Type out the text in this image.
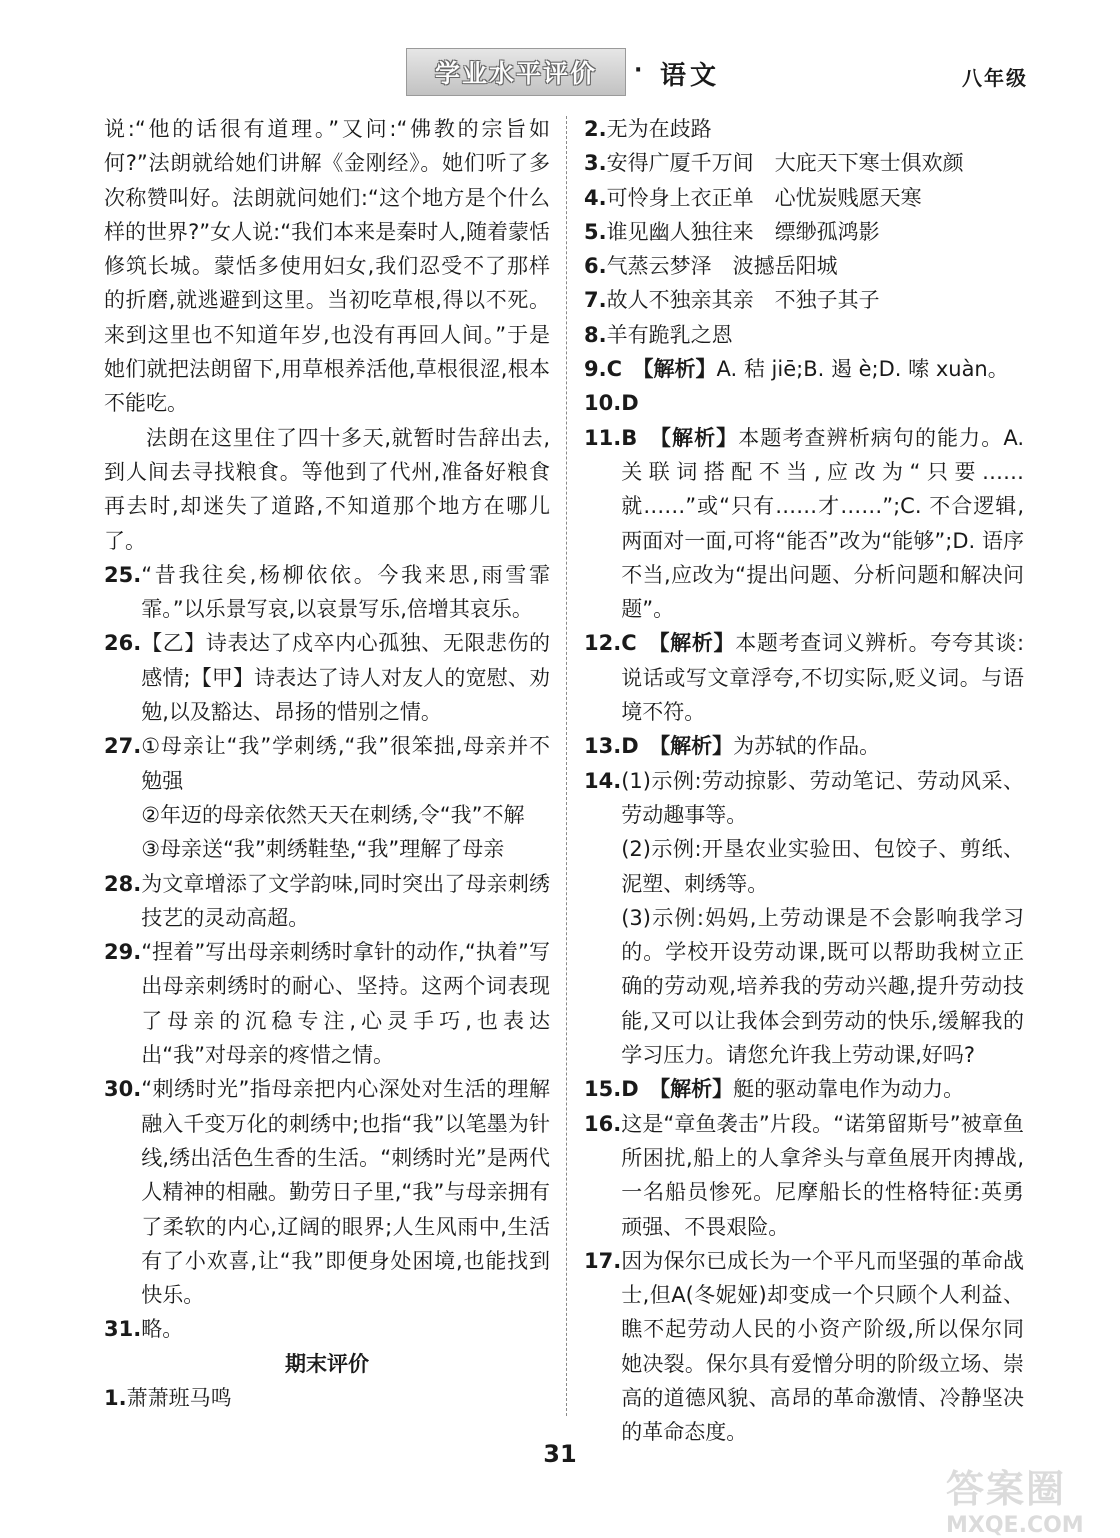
学业水平评价	· 语文	八年级

说:“他的话很有道理。”又问:“佛教的宗旨如何?”法朗就给她们讲解《金刚经》。她们听了多次称赞叫好。法朗就问她们:“这个地方是个什么样的世界?”女人说:“我们本来是秦时人,随着蒙恬修筑长城。蒙恬多使用妇女,我们忍受不了那样的折磨,就逃避到这里。当初吃草根,得以不死。来到这里也不知道年岁,也没有再回人间。”于是她们就把法朗留下,用草根养活他,草根很涩,根本不能吃。

法朗在这里住了四十多天,就暂时告辞出去,到人间去寻找粮食。等他到了代州,准备好粮食再去时,却迷失了道路,不知道那个地方在哪儿了。

25. “昔我往矣,杨柳依依。今我来思,雨雪霏霏。”以乐景写哀,以哀景写乐,倍增其哀乐。
26. 【乙】诗表达了戍卒内心孤独、无限悲伤的感情;【甲】诗表达了诗人对友人的宽慰、劝勉,以及豁达、昂扬的惜别之情。
27. ①母亲让“我”学刺绣,“我”很笨拙,母亲并不勉强

②年迈的母亲依然天天在刺绣,令“我”不解

③母亲送“我”刺绣鞋垫,“我”理解了母亲

28. 为文章增添了文学韵味,同时突出了母亲刺绣技艺的灵动高超。
29. “捏着”写出母亲刺绣时拿针的动作,“执着”写出母亲刺绣时的耐心、坚持。这两个词表现了母亲的沉稳专注,心灵手巧,也表达出“我”对母亲的疼惜之情。
30. “刺绣时光”指母亲把内心深处对生活的理解融入千变万化的刺绣中;也指“我”以笔墨为针线,绣出活色生香的生活。“刺绣时光”是两代人精神的相融。勤劳日子里,“我”与母亲拥有了柔软的内心,辽阔的眼界;人生风雨中,生活有了小欢喜,让“我”即便身处困境,也能找到快乐。
31. 略。

期末评价

1. 萧萧班马鸣
2. 无为在歧路
3. 安得广厦千万间　大庇天下寒士俱欢颜
4. 可怜身上衣正单　心忧炭贱愿天寒
5. 谁见幽人独往来　缥缈孤鸿影
6. 气蒸云梦泽　波撼岳阳城
7. 故人不独亲其亲　不独子其子
8. 羊有跪乳之恩
9. C　 【解析】A. 秸 jiē;B. 遏 è;D. 嗦 xuàn。
10. D
11. B　 【解析】本题考查辨析病句的能力。A. 关联词搭配不当,应改为“只要……就……”或“只有……才……”;C. 不合逻辑,两面对一面,可将“能否”改为“能够”;D. 语序不当,应改为“提出问题、分析问题和解决问题”。
12. C　 【解析】本题考查词义辨析。夸夸其谈:说话或写文章浮夸,不切实际,贬义词。与语境不符。
13. D　 【解析】为苏轼的作品。
14. (1)示例:劳动掠影、劳动笔记、劳动风采、劳动趣事等。

(2)示例:开垦农业实验田、包饺子、剪纸、泥塑、刺绣等。

(3)示例:妈妈,上劳动课是不会影响我学习的。学校开设劳动课,既可以帮助我树立正确的劳动观,培养我的劳动兴趣,提升劳动技能,又可以让我体会到劳动的快乐,缓解我的学习压力。请您允许我上劳动课,好吗?

15. D　 【解析】艇的驱动靠电作为动力。
16. 这是“章鱼袭击”片段。“诺第留斯号”被章鱼所困扰,船上的人拿斧头与章鱼展开肉搏战,一名船员惨死。尼摩船长的性格特征:英勇顽强、不畏艰险。
17. 因为保尔已成长为一个平凡而坚强的革命战士,但A(冬妮娅)却变成一个只顾个人利益、瞧不起劳动人民的小资产阶级,所以保尔同她决裂。保尔具有爱憎分明的阶级立场、崇高的道德风貌、高昂的革命激情、冷静坚决的革命态度。
31
答案圈
MXQE.COM
